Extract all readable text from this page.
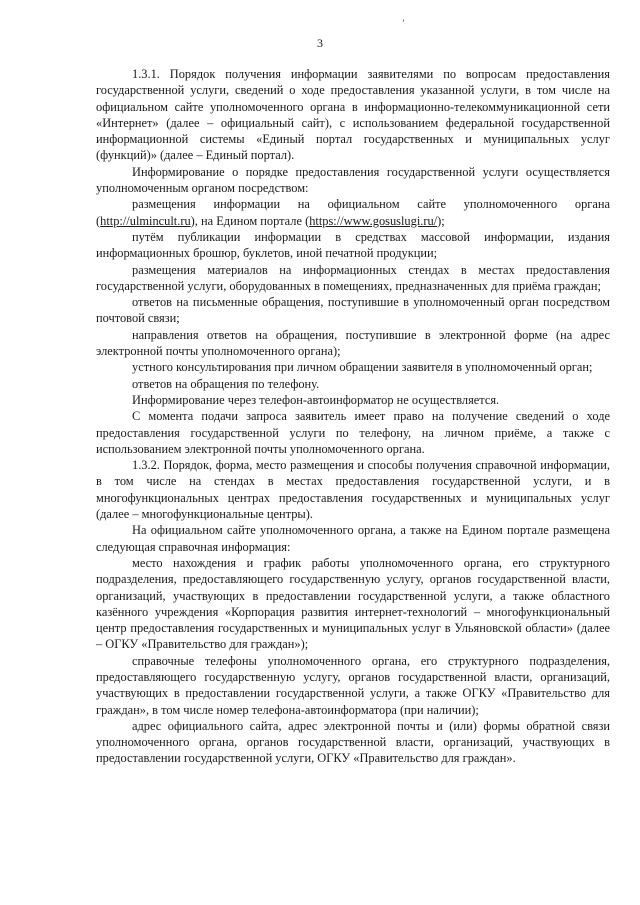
ʼ
3

1.3.1. Порядок получения информации заявителями по вопросам предоставления государственной услуги, сведений о ходе предоставления указанной услуги, в том числе на официальном сайте уполномоченного органа в информационно-телекоммуникационной сети «Интернет» (далее – официальный сайт), с использованием федеральной государственной информационной системы «Единый портал государственных и муниципальных услуг (функций)» (далее – Единый портал).

Информирование о порядке предоставления государственной услуги осуществляется уполномоченным органом посредством:

размещения информации на официальном сайте уполномоченного органа (http://ulmincult.ru), на Едином портале (https://www.gosuslugi.ru/);

путём публикации информации в средствах массовой информации, издания информационных брошюр, буклетов, иной печатной продукции;

размещения материалов на информационных стендах в местах предоставления государственной услуги, оборудованных в помещениях, предназначенных для приёма граждан;

ответов на письменные обращения, поступившие в уполномоченный орган посредством почтовой связи;

направления ответов на обращения, поступившие в электронной форме (на адрес электронной почты уполномоченного органа);

устного консультирования при личном обращении заявителя в уполномоченный орган;

ответов на обращения по телефону.

Информирование через телефон-автоинформатор не осуществляется.

С момента подачи запроса заявитель имеет право на получение сведений о ходе предоставления государственной услуги по телефону, на личном приёме, а также с использованием электронной почты уполномоченного органа.

1.3.2. Порядок, форма, место размещения и способы получения справочной информации, в том числе на стендах в местах предоставления государственной услуги, и в многофункциональных центрах предоставления государственных и муниципальных услуг (далее – многофункциональные центры).

На официальном сайте уполномоченного органа, а также на Едином портале размещена следующая справочная информация:

место нахождения и график работы уполномоченного органа, его структурного подразделения, предоставляющего государственную услугу, органов государственной власти, организаций, участвующих в предоставлении государственной услуги, а также областного казённого учреждения «Корпорация развития интернет-технологий – многофункциональный центр предоставления государственных и муниципальных услуг в Ульяновской области» (далее – ОГКУ «Правительство для граждан»);

справочные телефоны уполномоченного органа, его структурного подразделения, предоставляющего государственную услугу, органов государственной власти, организаций, участвующих в предоставлении государственной услуги, а также ОГКУ «Правительство для граждан», в том числе номер телефона-автоинформатора (при наличии);

адрес официального сайта, адрес электронной почты и (или) формы обратной связи уполномоченного органа, органов государственной власти, организаций, участвующих в предоставлении государственной услуги, ОГКУ «Правительство для граждан».
